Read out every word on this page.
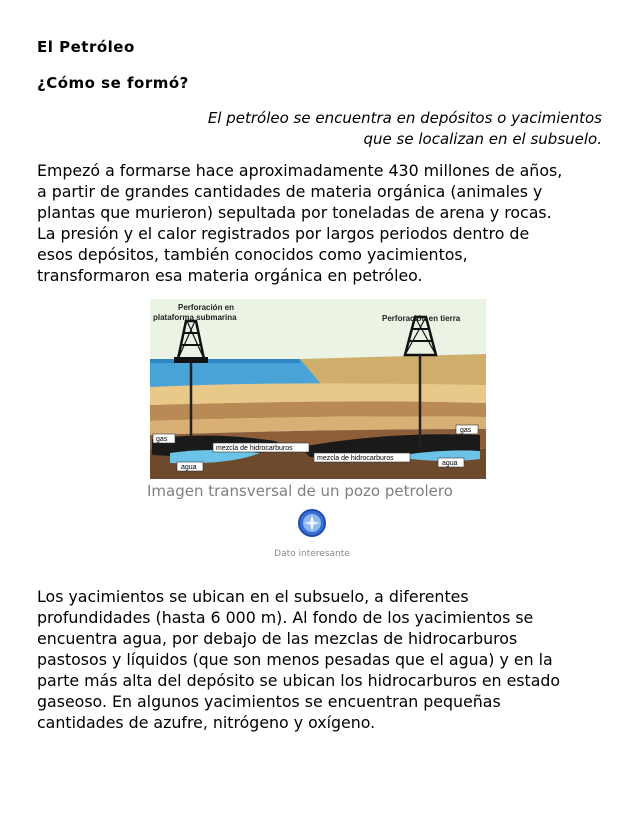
El Petróleo
¿Cómo se formó?
El petróleo se encuentra en depósitos o yacimientos
que se localizan en el subsuelo.
Empezó a formarse hace aproximadamente 430 millones de años,
a partir de grandes cantidades de materia orgánica (animales y
plantas que murieron) sepultada por toneladas de arena y rocas.
La presión y el calor registrados por largos periodos dentro de
esos depósitos, también conocidos como yacimientos,
transformaron esa materia orgánica en petróleo.
Perforación en
plataforma submarina	Perforación en tierra
gas
gas
mezcla de hidrocarburos
mezcla de hidrocarburos
agua
agua
Imagen transversal de un pozo petrolero
Dato interesante
Los yacimientos se ubican en el subsuelo, a diferentes
profundidades (hasta 6 000 m). Al fondo de los yacimientos se
encuentra agua, por debajo de las mezclas de hidrocarburos
pastosos y líquidos (que son menos pesadas que el agua) y en la
parte más alta del depósito se ubican los hidrocarburos en estado
gaseoso. En algunos yacimientos se encuentran pequeñas
cantidades de azufre, nitrógeno y oxígeno.
